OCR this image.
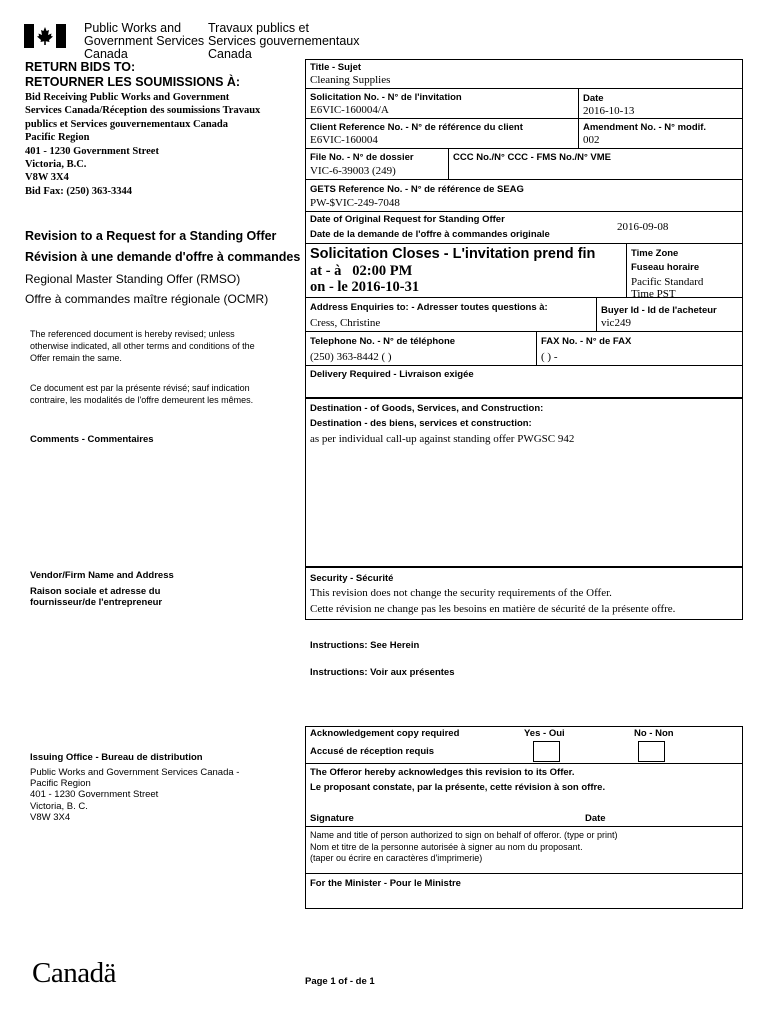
Public Works and
Government Services
Canada
Travaux publics et
Services gouvernementaux
Canada
RETURN BIDS TO:
RETOURNER LES SOUMISSIONS À:
Bid Receiving Public Works and Government
Services Canada/Réception des soumissions Travaux
publics et Services gouvernementaux Canada
Pacific Region
401 - 1230 Government Street
Victoria, B.C.
V8W 3X4
Bid Fax: (250) 363-3344
Revision to a Request for a Standing Offer
Révision à une demande d'offre à commandes
Regional Master Standing Offer (RMSO)
Offre à commandes maître régionale (OCMR)
The referenced document is hereby revised; unless
otherwise indicated, all other terms and conditions of the
Offer remain the same.
Ce document est par la présente révisé; sauf indication
contraire, les modalités de l'offre demeurent les mêmes.
Comments - Commentaires
Vendor/Firm Name and Address
Raison sociale et adresse du
fournisseur/de l'entrepreneur
Issuing Office - Bureau de distribution
Public Works and Government Services Canada -
Pacific Region
401 - 1230 Government Street
Victoria, B. C.
V8W 3X4
Title - Sujet
Cleaning Supplies
Solicitation No. - N° de l'invitation
E6VIC-160004/A
Date
2016-10-13
Client Reference No. - N° de référence du client
E6VIC-160004
Amendment No. - N° modif.
002
File No. - N° de dossier
VIC-6-39003 (249)
CCC No./N° CCC - FMS No./N° VME
GETS Reference No. - N° de référence de SEAG
PW-$VIC-249-7048
Date of Original Request for Standing Offer
Date de la demande de l'offre à commandes originale
2016-09-08
Solicitation Closes - L'invitation prend fin
at - à 02:00 PM
on - le 2016-10-31
Time Zone
Fuseau horaire
Pacific Standard
Time PST
Address Enquiries to: - Adresser toutes questions à:
Cress, Christine
Buyer Id - Id de l'acheteur
vic249
Telephone No. - N° de téléphone
(250) 363-8442 ( )
FAX No. - N° de FAX
( ) -
Delivery Required - Livraison exigée
Destination - of Goods, Services, and Construction:
Destination - des biens, services et construction:
as per individual call-up against standing offer PWGSC 942
Security - Sécurité
This revision does not change the security requirements of the Offer.
Cette révision ne change pas les besoins en matière de sécurité de la présente offre.
Instructions: See Herein
Instructions: Voir aux présentes
Acknowledgement copy required
Accusé de réception requis
Yes - Oui	No - Non
The Offeror hereby acknowledges this revision to its Offer.
Le proposant constate, par la présente, cette révision à son offre.
Signature	Date
Name and title of person authorized to sign on behalf of offeror. (type or print)
Nom et titre de la personne autorisée à signer au nom du proposant.
(taper ou écrire en caractères d'imprimerie)
For the Minister - Pour le Ministre
Canadä	Page 1 of - de 1
